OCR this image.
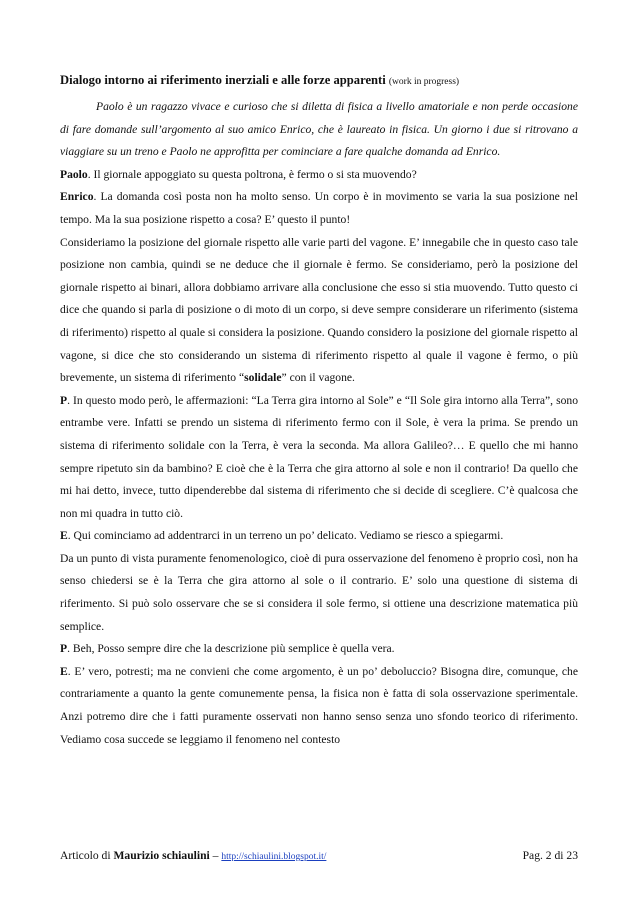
Dialogo intorno ai riferimento inerziali e alle forze apparenti (work in progress)

Paolo è un ragazzo vivace e curioso che si diletta di fisica a livello amatoriale e non perde occasione di fare domande sull’argomento al suo amico Enrico, che è laureato in fisica. Un giorno i due si ritrovano a viaggiare su un treno e Paolo ne approfitta per cominciare a fare qualche domanda ad Enrico.

Paolo. Il giornale appoggiato su questa poltrona, è fermo o si sta muovendo?

Enrico. La domanda così posta non ha molto senso. Un corpo è in movimento se varia la sua posizione nel tempo. Ma la sua posizione rispetto a cosa? E’ questo il punto!

Consideriamo la posizione del giornale rispetto alle varie parti del vagone. E’ innegabile che in questo caso tale posizione non cambia, quindi se ne deduce che il giornale è fermo. Se consideriamo, però la posizione del giornale rispetto ai binari, allora dobbiamo arrivare alla conclusione che esso si stia muovendo. Tutto questo ci dice che quando si parla di posizione o di moto di un corpo, si deve sempre considerare un riferimento (sistema di riferimento) rispetto al quale si considera la posizione. Quando considero la posizione del giornale rispetto al vagone, si dice che sto considerando un sistema di riferimento rispetto al quale il vagone è fermo, o più brevemente, un sistema di riferimento “solidale” con il vagone.

P. In questo modo però, le affermazioni: “La Terra gira intorno al Sole” e “Il Sole gira intorno alla Terra”, sono entrambe vere. Infatti se prendo un sistema di riferimento fermo con il Sole, è vera la prima. Se prendo un sistema di riferimento solidale con la Terra, è vera la seconda. Ma allora Galileo?… E quello che mi hanno sempre ripetuto sin da bambino? E cioè che è la Terra che gira attorno al sole e non il contrario! Da quello che mi hai detto, invece, tutto dipenderebbe dal sistema di riferimento che si decide di scegliere. C’è qualcosa che non mi quadra in tutto ciò.

E. Qui cominciamo ad addentrarci in un terreno un po’ delicato. Vediamo se riesco a spiegarmi.

Da un punto di vista puramente fenomenologico, cioè di pura osservazione del fenomeno è proprio così, non ha senso chiedersi se è la Terra che gira attorno al sole o il contrario. E’ solo una questione di sistema di riferimento. Si può solo osservare che se si considera il sole fermo, si ottiene una descrizione matematica più semplice.

P. Beh, Posso sempre dire che la descrizione più semplice è quella vera.

E. E’ vero, potresti; ma ne convieni che come argomento, è un po’ deboluccio? Bisogna dire, comunque, che contrariamente a quanto la gente comunemente pensa, la fisica non è fatta di sola osservazione sperimentale. Anzi potremo dire che i fatti puramente osservati non hanno senso senza uno sfondo teorico di riferimento. Vediamo cosa succede se leggiamo il fenomeno nel contesto

Articolo di Maurizio schiaulini – http://schiaulini.blogspot.it/	Pag. 2 di 23
